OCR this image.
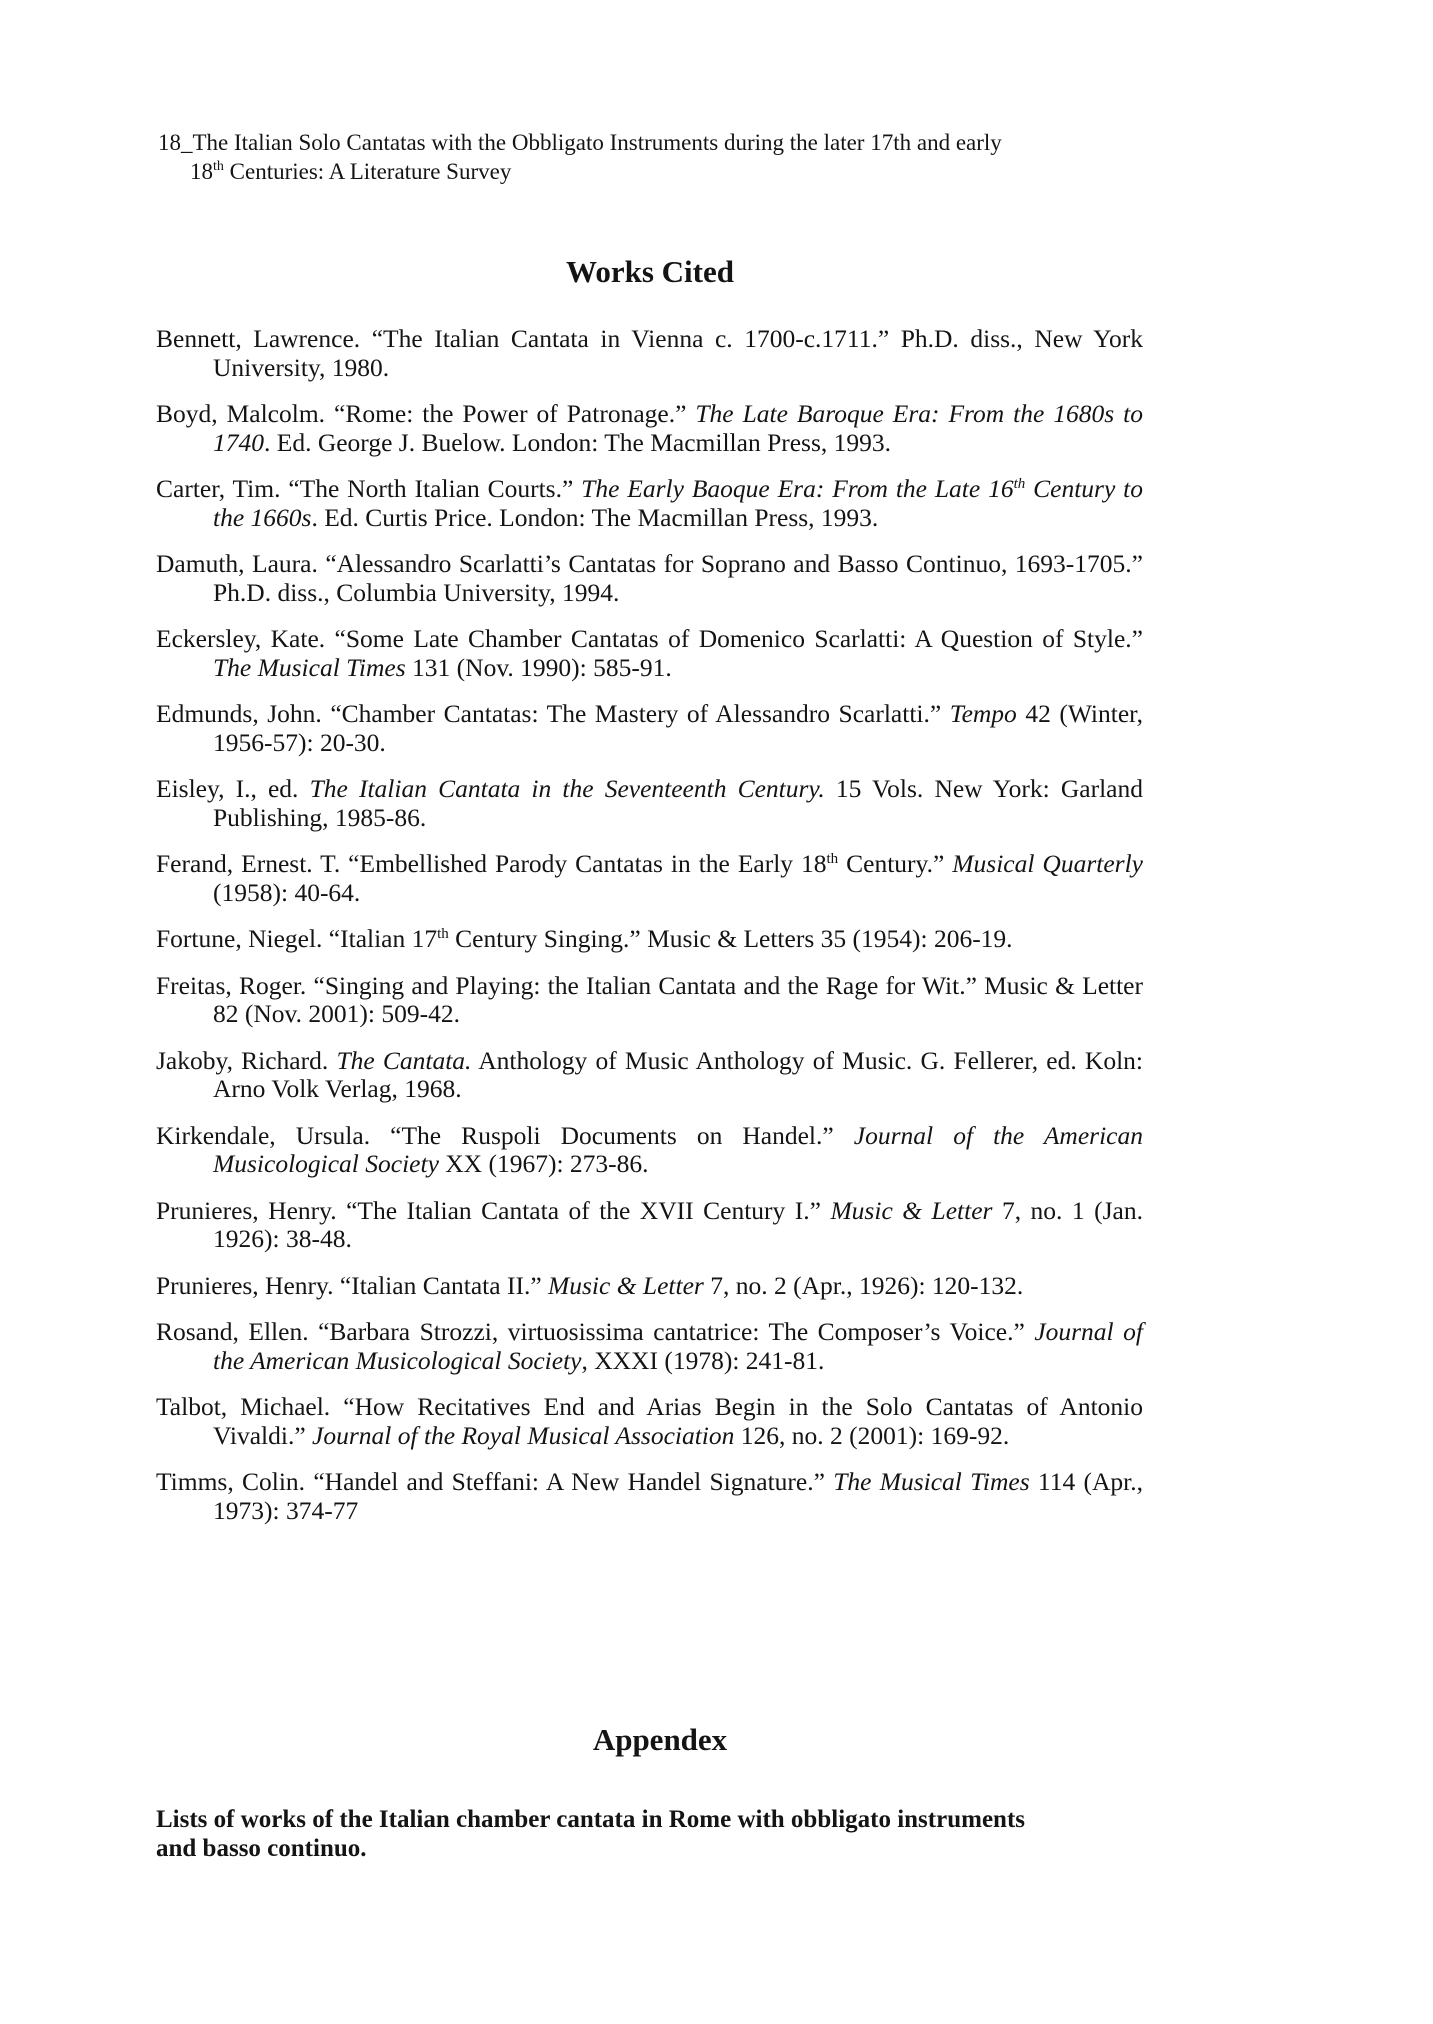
18_The Italian Solo Cantatas with the Obbligato Instruments during the later 17th and early
18th Centuries: A Literature Survey
Works Cited

Bennett, Lawrence. “The Italian Cantata in Vienna c. 1700-c.1711.” Ph.D. diss., New York University, 1980.

Boyd, Malcolm. “Rome: the Power of Patronage.” The Late Baroque Era: From the 1680s to 1740. Ed. George J. Buelow. London: The Macmillan Press, 1993.

Carter, Tim. “The North Italian Courts.” The Early Baoque Era: From the Late 16th Century to the 1660s. Ed. Curtis Price. London: The Macmillan Press, 1993.

Damuth, Laura. “Alessandro Scarlatti’s Cantatas for Soprano and Basso Continuo, 1693-1705.” Ph.D. diss., Columbia University, 1994.

Eckersley, Kate. “Some Late Chamber Cantatas of Domenico Scarlatti: A Question of Style.” The Musical Times 131 (Nov. 1990): 585-91.

Edmunds, John. “Chamber Cantatas: The Mastery of Alessandro Scarlatti.” Tempo 42 (Winter, 1956-57): 20-30.

Eisley, I., ed. The Italian Cantata in the Seventeenth Century. 15 Vols. New York: Garland Publishing, 1985-86.

Ferand, Ernest. T. “Embellished Parody Cantatas in the Early 18th Century.” Musical Quarterly (1958): 40-64.

Fortune, Niegel. “Italian 17th Century Singing.” Music & Letters 35 (1954): 206-19.

Freitas, Roger. “Singing and Playing: the Italian Cantata and the Rage for Wit.” Music & Letter 82 (Nov. 2001): 509-42.

Jakoby, Richard. The Cantata. Anthology of Music Anthology of Music. G. Fellerer, ed. Koln: Arno Volk Verlag, 1968.

Kirkendale, Ursula. “The Ruspoli Documents on Handel.” Journal of the American Musicological Society XX (1967): 273-86.

Prunieres, Henry. “The Italian Cantata of the XVII Century I.” Music & Letter 7, no. 1 (Jan. 1926): 38-48.

Prunieres, Henry. “Italian Cantata II.” Music & Letter 7, no. 2 (Apr., 1926): 120-132.

Rosand, Ellen. “Barbara Strozzi, virtuosissima cantatrice: The Composer’s Voice.” Journal of the American Musicological Society, XXXI (1978): 241-81.

Talbot, Michael. “How Recitatives End and Arias Begin in the Solo Cantatas of Antonio Vivaldi.” Journal of the Royal Musical Association 126, no. 2 (2001): 169-92.

Timms, Colin. “Handel and Steffani: A New Handel Signature.” The Musical Times 114 (Apr., 1973): 374-77

Appendex
Lists of works of the Italian chamber cantata in Rome with obbligato instruments and basso continuo.
